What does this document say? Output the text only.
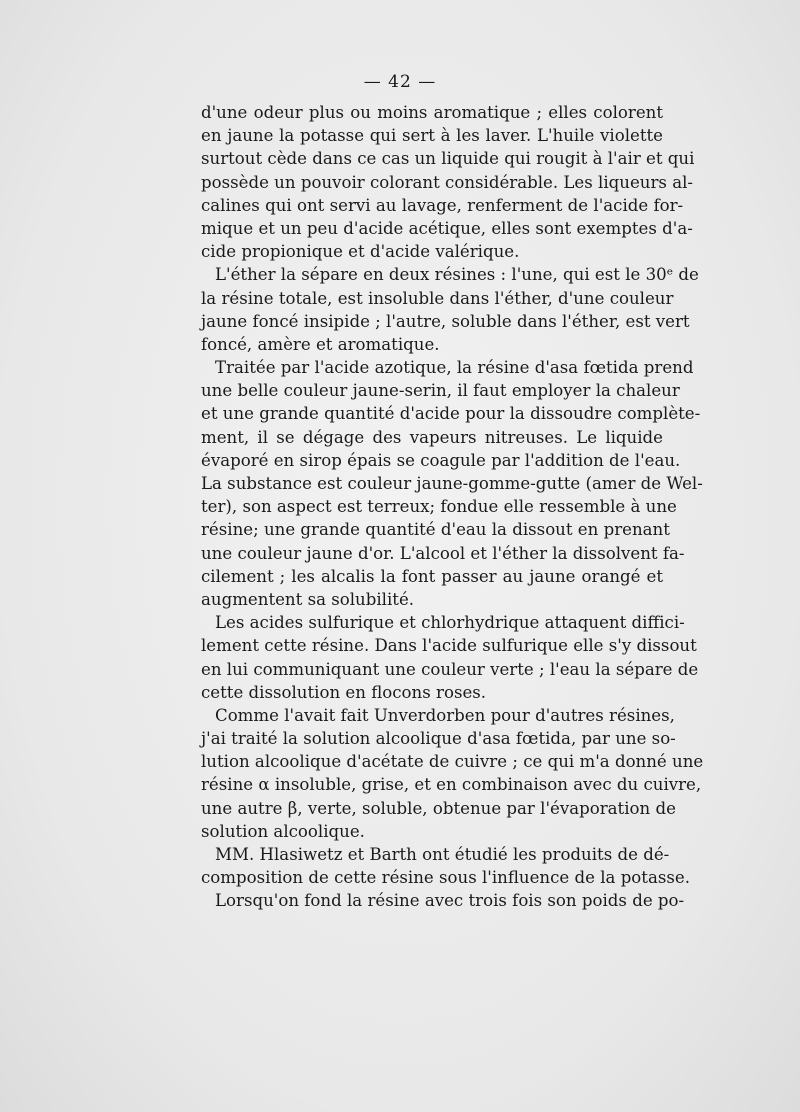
— 42 —
d'une odeur plus ou moins aromatique ; elles colorent
en jaune la potasse qui sert à les laver. L'huile violette
surtout cède dans ce cas un liquide qui rougit à l'air et qui
possède un pouvoir colorant considérable. Les liqueurs al-
calines qui ont servi au lavage, renferment de l'acide for-
mique et un peu d'acide acétique, elles sont exemptes d'a-
cide propionique et d'acide valérique.
L'éther la sépare en deux résines : l'une, qui est le 30ᵉ de
la résine totale, est insoluble dans l'éther, d'une couleur
jaune foncé insipide ; l'autre, soluble dans l'éther, est vert
foncé, amère et aromatique.
Traitée par l'acide azotique, la résine d'asa fœtida prend
une belle couleur jaune-serin, il faut employer la chaleur
et une grande quantité d'acide pour la dissoudre complète-
ment, il se dégage des vapeurs nitreuses. Le liquide
évaporé en sirop épais se coagule par l'addition de l'eau.
La substance est couleur jaune-gomme-gutte (amer de Wel-
ter), son aspect est terreux; fondue elle ressemble à une
résine; une grande quantité d'eau la dissout en prenant
une couleur jaune d'or. L'alcool et l'éther la dissolvent fa-
cilement ; les alcalis la font passer au jaune orangé et
augmentent sa solubilité.
Les acides sulfurique et chlorhydrique attaquent diffici-
lement cette résine. Dans l'acide sulfurique elle s'y dissout
en lui communiquant une couleur verte ; l'eau la sépare de
cette dissolution en flocons roses.
Comme l'avait fait Unverdorben pour d'autres résines,
j'ai traité la solution alcoolique d'asa fœtida, par une so-
lution alcoolique d'acétate de cuivre ; ce qui m'a donné une
résine α insoluble, grise, et en combinaison avec du cuivre,
une autre β, verte, soluble, obtenue par l'évaporation de
solution alcoolique.
MM. Hlasiwetz et Barth ont étudié les produits de dé-
composition de cette résine sous l'influence de la potasse.
Lorsqu'on fond la résine avec trois fois son poids de po-
